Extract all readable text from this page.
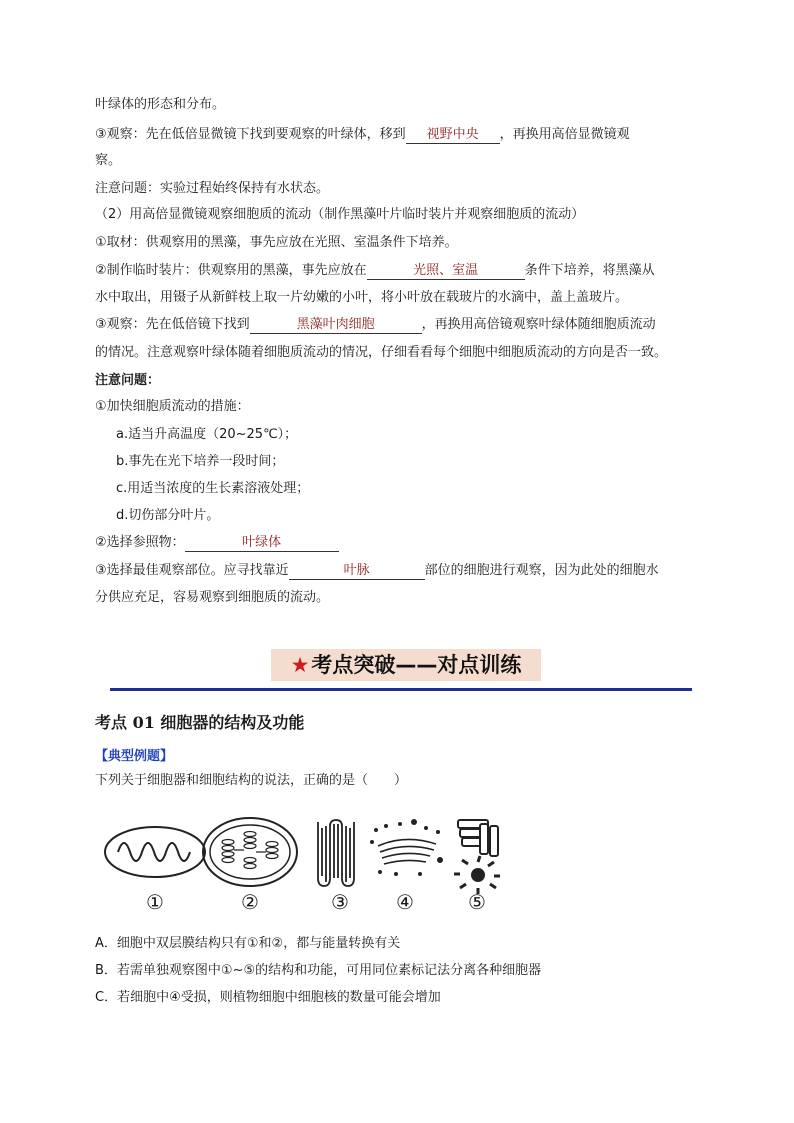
叶绿体的形态和分布。
③观察：先在低倍显微镜下找到要观察的叶绿体，移到 视野中央 ，再换用高倍显微镜观
察。
注意问题：实验过程始终保持有水状态。
（2）用高倍显微镜观察细胞质的流动（制作黑藻叶片临时装片并观察细胞质的流动）
①取材：供观察用的黑藻，事先应放在光照、室温条件下培养。
②制作临时装片：供观察用的黑藻，事先应放在	光照、室温	条件下培养，将黑藻从
水中取出，用镊子从新鲜枝上取一片幼嫩的小叶，将小叶放在载玻片的水滴中，盖上盖玻片。
③观察：先在低倍镜下找到	黑藻叶肉细胞	，再换用高倍镜观察叶绿体随细胞质流动
的情况。注意观察叶绿体随着细胞质流动的情况，仔细看看每个细胞中细胞质流动的方向是否一致。
注意问题：
①加快细胞质流动的措施：
a.适当升高温度（20~25℃）；
b.事先在光下培养一段时间；
c.用适当浓度的生长素溶液处理；
d.切伤部分叶片。
②选择参照物：	叶绿体
③选择最佳观察部位。应寻找靠近	叶脉	部位的细胞进行观察，因为此处的细胞水
分供应充足，容易观察到细胞质的流动。
★考点突破——对点训练
考点 01 细胞器的结构及功能
【典型例题】
下列关于细胞器和细胞结构的说法，正确的是（　　）
①	②	③	④	⑤
A．细胞中双层膜结构只有①和②，都与能量转换有关
B．若需单独观察图中①~⑤的结构和功能，可用同位素标记法分离各种细胞器
C．若细胞中④受损，则植物细胞中细胞核的数量可能会增加
